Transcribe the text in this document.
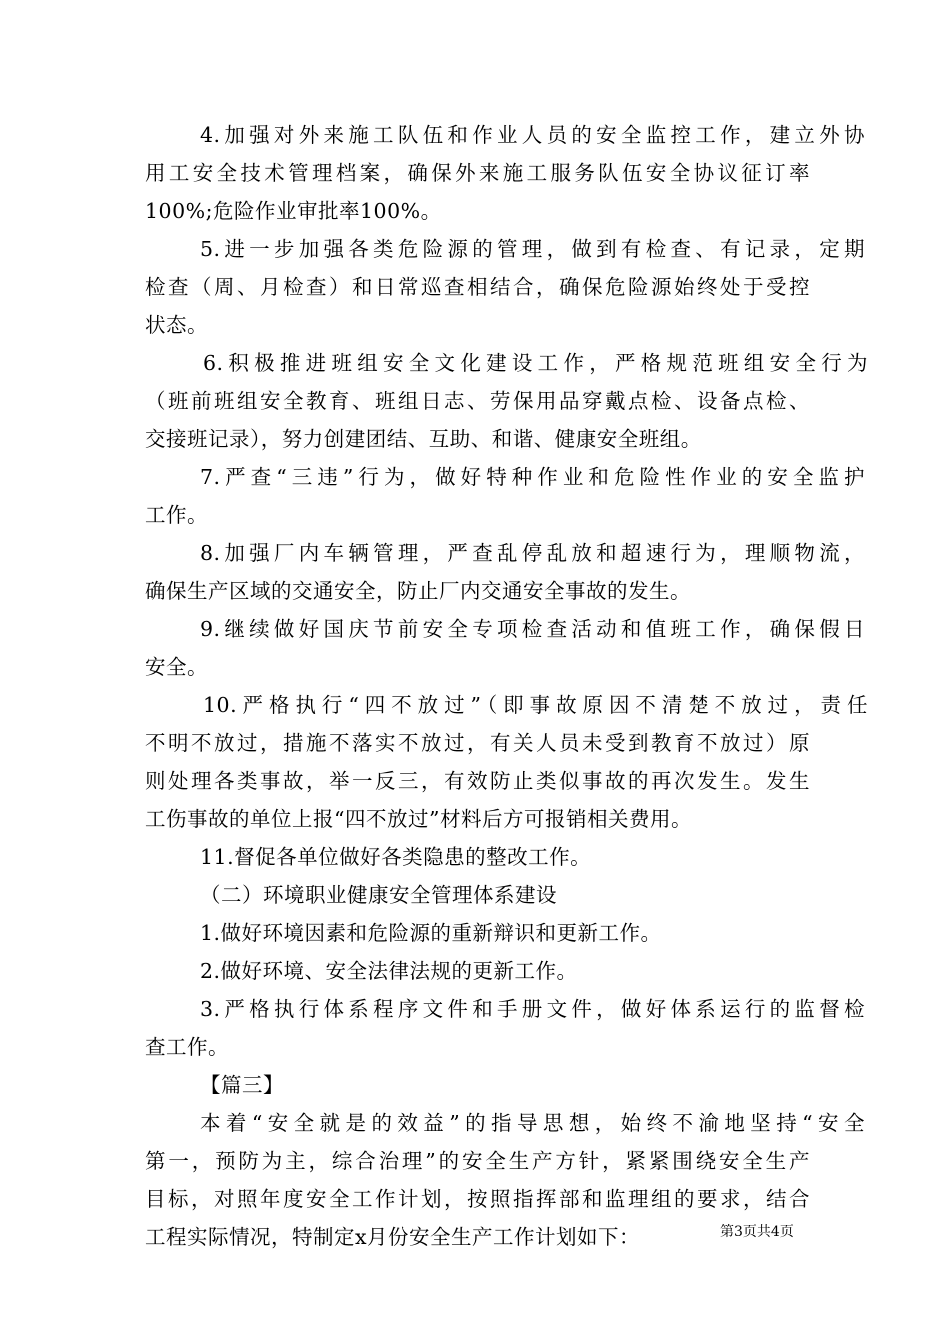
4.加强对外来施工队伍和作业人员的安全监控工作，建立外协
用工安全技术管理档案，确保外来施工服务队伍安全协议征订率
100%;危险作业审批率100%。
5.进一步加强各类危险源的管理，做到有检查、有记录，定期
检查（周、月检查）和日常巡查相结合，确保危险源始终处于受控
状态。
6.积极推进班组安全文化建设工作，严格规范班组安全行为
（班前班组安全教育、班组日志、劳保用品穿戴点检、设备点检、
交接班记录），努力创建团结、互助、和谐、健康安全班组。
7.严查“三违”行为，做好特种作业和危险性作业的安全监护
工作。
8.加强厂内车辆管理，严查乱停乱放和超速行为，理顺物流，
确保生产区域的交通安全，防止厂内交通安全事故的发生。
9.继续做好国庆节前安全专项检查活动和值班工作，确保假日
安全。
10.严格执行“四不放过”（即事故原因不清楚不放过，责任
不明不放过，措施不落实不放过，有关人员未受到教育不放过）原
则处理各类事故，举一反三，有效防止类似事故的再次发生。发生
工伤事故的单位上报“四不放过”材料后方可报销相关费用。
11.督促各单位做好各类隐患的整改工作。
（二）环境职业健康安全管理体系建设
1.做好环境因素和危险源的重新辩识和更新工作。
2.做好环境、安全法律法规的更新工作。
3.严格执行体系程序文件和手册文件，做好体系运行的监督检
查工作。
【篇三】
本着“安全就是的效益”的指导思想，始终不渝地坚持“安全
第一，预防为主，综合治理”的安全生产方针，紧紧围绕安全生产
目标，对照年度安全工作计划，按照指挥部和监理组的要求，结合
工程实际情况，特制定x月份安全生产工作计划如下：	第3页共4页
